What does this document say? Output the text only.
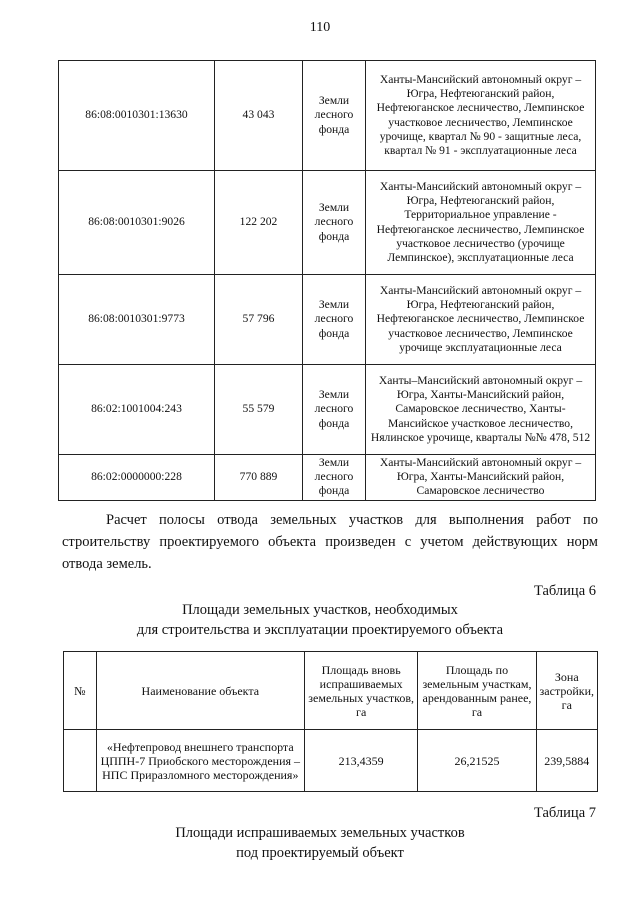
110
86:08:0010301:13630	43 043	Земли лесного фонда	Ханты-Мансийский автономный округ – Югра, Нефтеюганский район, Нефтеюганское лесничество, Лемпинское участковое лесничество, Лемпинское урочище, квартал № 90 - защитные леса, квартал № 91 - эксплуатационные леса
86:08:0010301:9026	122 202	Земли лесного фонда	Ханты-Мансийский автономный округ – Югра, Нефтеюганский район, Территориальное управление - Нефтеюганское лесничество, Лемпинское участковое лесничество (урочище Лемпинское), эксплуатационные леса
86:08:0010301:9773	57 796	Земли лесного фонда	Ханты-Мансийский автономный округ – Югра, Нефтеюганский район, Нефтеюганское лесничество, Лемпинское участковое лесничество, Лемпинское урочище эксплуатационные леса
86:02:1001004:243	55 579	Земли лесного фонда	Ханты–Мансийский автономный округ – Югра, Ханты-Мансийский район, Самаровское лесничество, Ханты-Мансийское участковое лесничество, Нялинское урочище, кварталы №№ 478, 512
86:02:0000000:228	770 889	Земли лесного фонда	Ханты-Мансийский автономный округ – Югра, Ханты-Мансийский район, Самаровское лесничество

Расчет полосы отвода земельных участков для выполнения работ по строительству проектируемого объекта произведен с учетом действующих норм отвода земель.

Таблица 6
Площади земельных участков, необходимых
для строительства и эксплуатации проектируемого объекта
№	Наименование объекта	Площадь вновь испрашиваемых земельных участков, га	Площадь по земельным участкам, арендованным ранее, га	Зона застройки, га
	«Нефтепровод внешнего транспорта ЦППН-7 Приобского месторождения – НПС Приразломного месторождения»	213,4359	26,21525	239,5884
Таблица 7
Площади испрашиваемых земельных участков
под проектируемый объект
